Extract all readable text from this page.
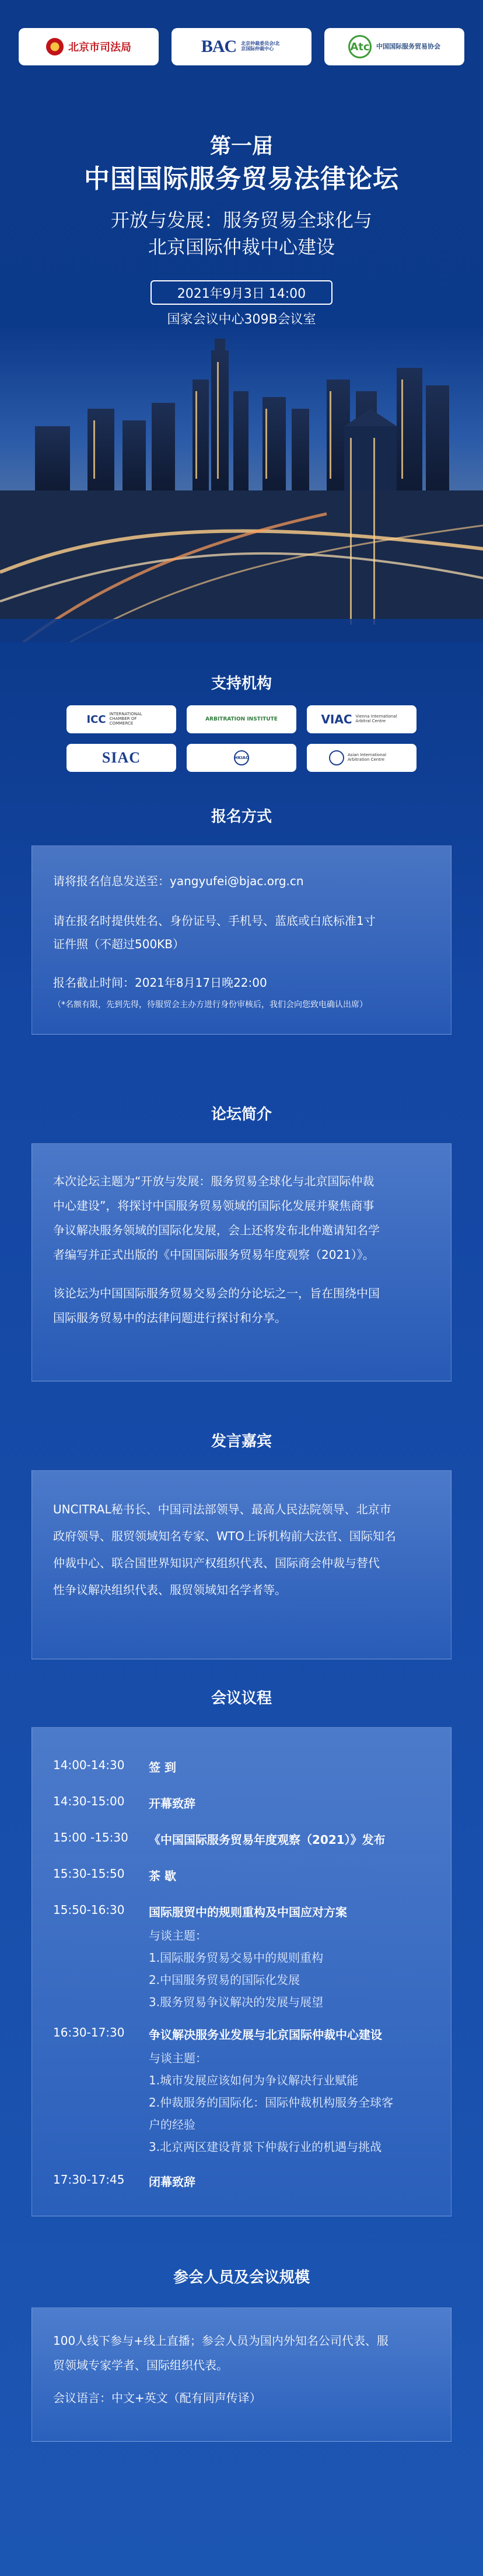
北京市司法局	BAC 北京仲裁委员会/北京国际仲裁中心	Atc	中国国际服务贸易协会
第一届
中国国际服务贸易法律论坛
开放与发展：服务贸易全球化与
北京国际仲裁中心建设
2021年9月3日 14:00
国家会议中心309B会议室
支持机构
ICC INTERNATIONAL CHAMBER OF COMMERCE
ARBITRATION INSTITUTE	VIAC Vienna International Arbitral Centre
SIAC	HKIAC
Asian International Arbitration Centre
报名方式

请将报名信息发送至：yangyufei@bjac.org.cn

请在报名时提供姓名、身份证号、手机号、蓝底或白底标准1寸

证件照（不超过500KB）

报名截止时间：2021年8月17日晚22:00

（*名额有限，先到先得，待服贸会主办方进行身份审核后，我们会向您致电确认出席）

论坛简介

本次论坛主题为“开放与发展：服务贸易全球化与北京国际仲裁

中心建设”，将探讨中国服务贸易领域的国际化发展并聚焦商事

争议解决服务领域的国际化发展，会上还将发布北仲邀请知名学

者编写并正式出版的《中国国际服务贸易年度观察（2021）》。

该论坛为中国国际服务贸易交易会的分论坛之一，旨在围绕中国

国际服务贸易中的法律问题进行探讨和分享。

发言嘉宾

UNCITRAL秘书长、中国司法部领导、最高人民法院领导、北京市

政府领导、服贸领域知名专家、WTO上诉机构前大法官、国际知名

仲裁中心、联合国世界知识产权组织代表、国际商会仲裁与替代

性争议解决组织代表、服贸领域知名学者等。

会议议程
14:00-14:30	签 到
14:30-15:00	开幕致辞
15:00 -15:30	《中国国际服务贸易年度观察（2021）》发布
15:30-15:50	茶 歇
15:50-16:30	国际服贸中的规则重构及中国应对方案
与谈主题：
1.国际服务贸易交易中的规则重构
2.中国服务贸易的国际化发展
3.服务贸易争议解决的发展与展望
16:30-17:30	争议解决服务业发展与北京国际仲裁中心建设
与谈主题：
1.城市发展应该如何为争议解决行业赋能
2.仲裁服务的国际化：国际仲裁机构服务全球客
户的经验
3.北京两区建设背景下仲裁行业的机遇与挑战
17:30-17:45	闭幕致辞
参会人员及会议规模

100人线下参与+线上直播；参会人员为国内外知名公司代表、服

贸领域专家学者、国际组织代表。

会议语言：中文+英文（配有同声传译）
